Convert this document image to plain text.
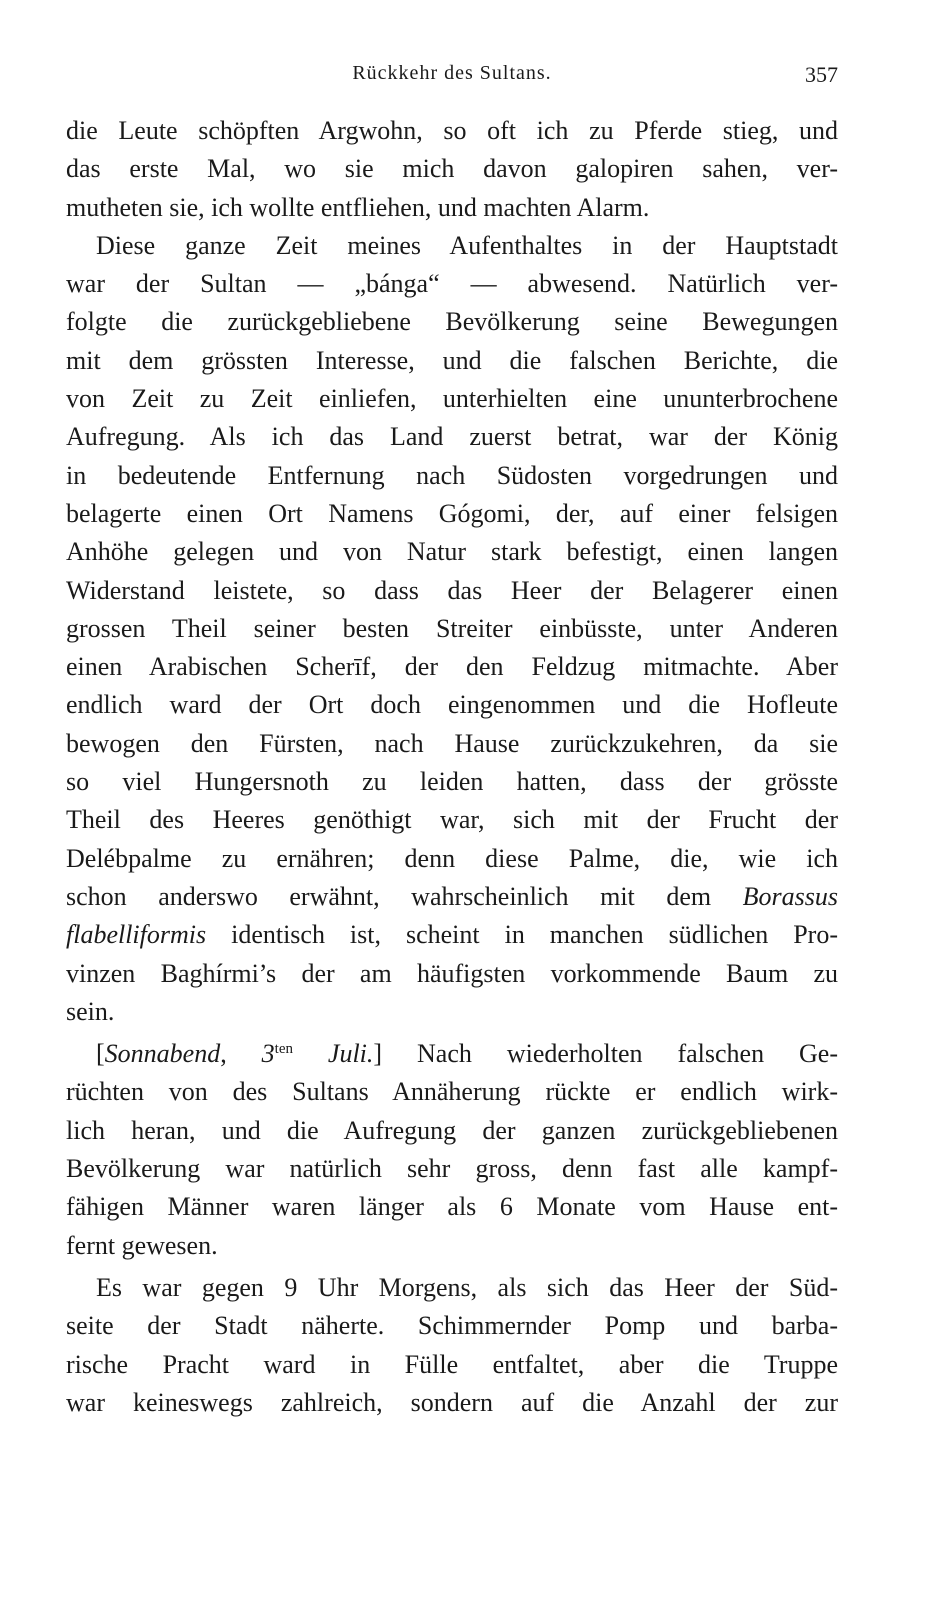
Rückkehr des Sultans.	357
die Leute schöpften Argwohn, so oft ich zu Pferde stieg, und
das erste Mal, wo sie mich davon galopiren sahen, ver-
mutheten sie, ich wollte entfliehen, und machten Alarm.
Diese ganze Zeit meines Aufenthaltes in der Hauptstadt
war der Sultan — „bánga“ — abwesend. Natürlich ver-
folgte die zurückgebliebene Bevölkerung seine Bewegungen
mit dem grössten Interesse, und die falschen Berichte, die
von Zeit zu Zeit einliefen, unterhielten eine ununterbrochene
Aufregung. Als ich das Land zuerst betrat, war der König
in bedeutende Entfernung nach Südosten vorgedrungen und
belagerte einen Ort Namens Gógomi, der, auf einer felsigen
Anhöhe gelegen und von Natur stark befestigt, einen langen
Widerstand leistete, so dass das Heer der Belagerer einen
grossen Theil seiner besten Streiter einbüsste, unter Anderen
einen Arabischen Scherīf, der den Feldzug mitmachte. Aber
endlich ward der Ort doch eingenommen und die Hofleute
bewogen den Fürsten, nach Hause zurückzukehren, da sie
so viel Hungersnoth zu leiden hatten, dass der grösste
Theil des Heeres genöthigt war, sich mit der Frucht der
Delébpalme zu ernähren; denn diese Palme, die, wie ich
schon anderswo erwähnt, wahrscheinlich mit dem Borassus
flabelliformis identisch ist, scheint in manchen südlichen Pro-
vinzen Baghírmi’s der am häufigsten vorkommende Baum zu
sein.
[Sonnabend, $3^{ten}$ Juli.] Nach wiederholten falschen Ge-
rüchten von des Sultans Annäherung rückte er endlich wirk-
lich heran, und die Aufregung der ganzen zurückgebliebenen
Bevölkerung war natürlich sehr gross, denn fast alle kampf-
fähigen Männer waren länger als 6 Monate vom Hause ent-
fernt gewesen.
Es war gegen 9 Uhr Morgens, als sich das Heer der Süd-
seite der Stadt näherte. Schimmernder Pomp und barba-
rische Pracht ward in Fülle entfaltet, aber die Truppe
war keineswegs zahlreich, sondern auf die Anzahl der zur
